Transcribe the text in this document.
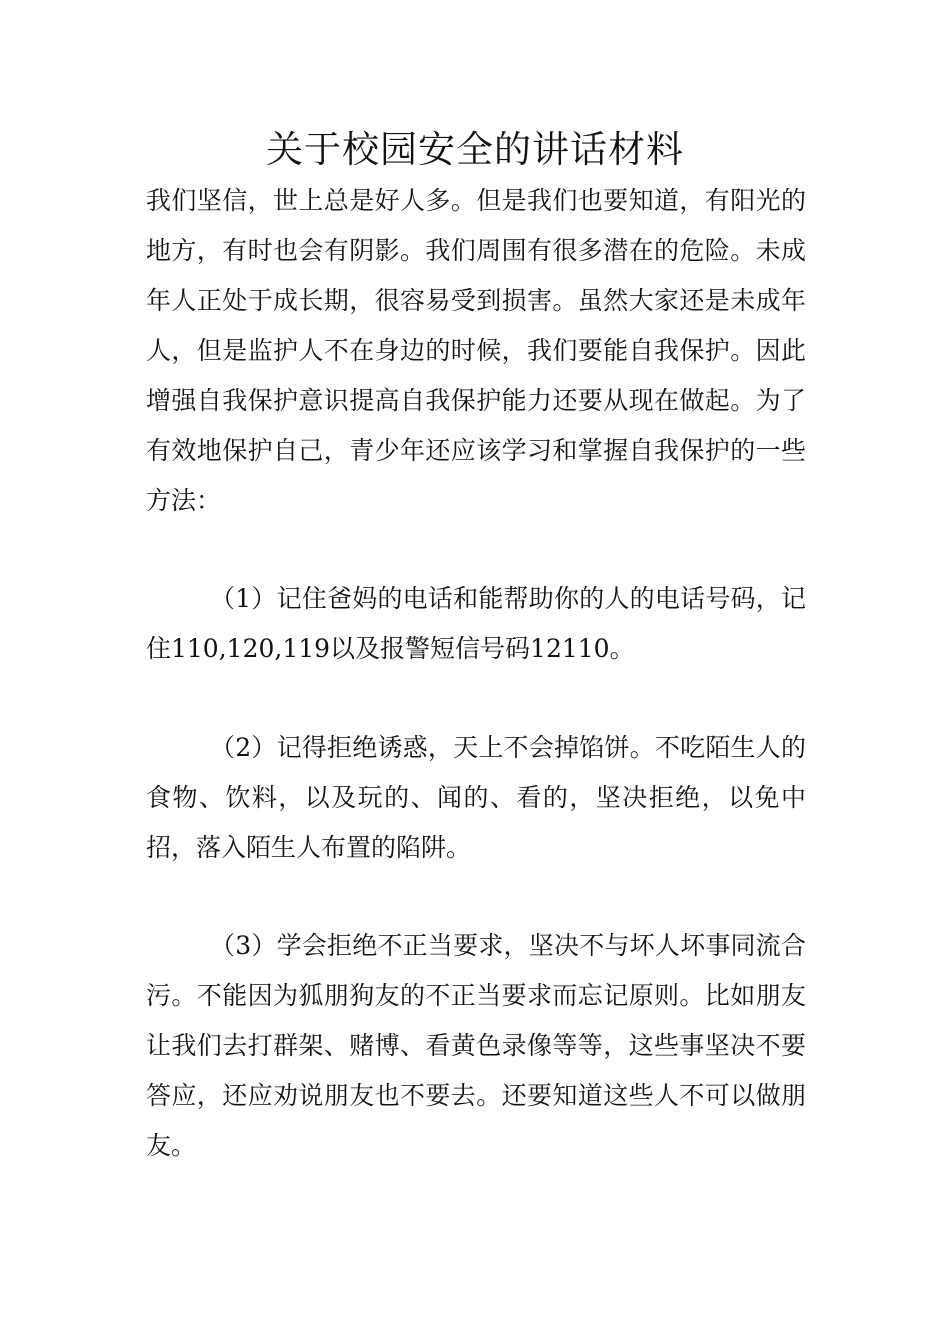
关于校园安全的讲话材料

我们坚信，世上总是好人多。但是我们也要知道，有阳光的地方，有时也会有阴影。我们周围有很多潜在的危险。未成年人正处于成长期，很容易受到损害。虽然大家还是未成年人，但是监护人不在身边的时候，我们要能自我保护。因此增强自我保护意识提高自我保护能力还要从现在做起。为了有效地保护自己，青少年还应该学习和掌握自我保护的一些方法：

（1）记住爸妈的电话和能帮助你的人的电话号码，记住110,120,119以及报警短信号码12110。

（2）记得拒绝诱惑，天上不会掉馅饼。不吃陌生人的食物、饮料，以及玩的、闻的、看的，坚决拒绝，以免中招，落入陌生人布置的陷阱。

（3）学会拒绝不正当要求，坚决不与坏人坏事同流合污。不能因为狐朋狗友的不正当要求而忘记原则。比如朋友让我们去打群架、赌博、看黄色录像等等，这些事坚决不要答应，还应劝说朋友也不要去。还要知道这些人不可以做朋友。
